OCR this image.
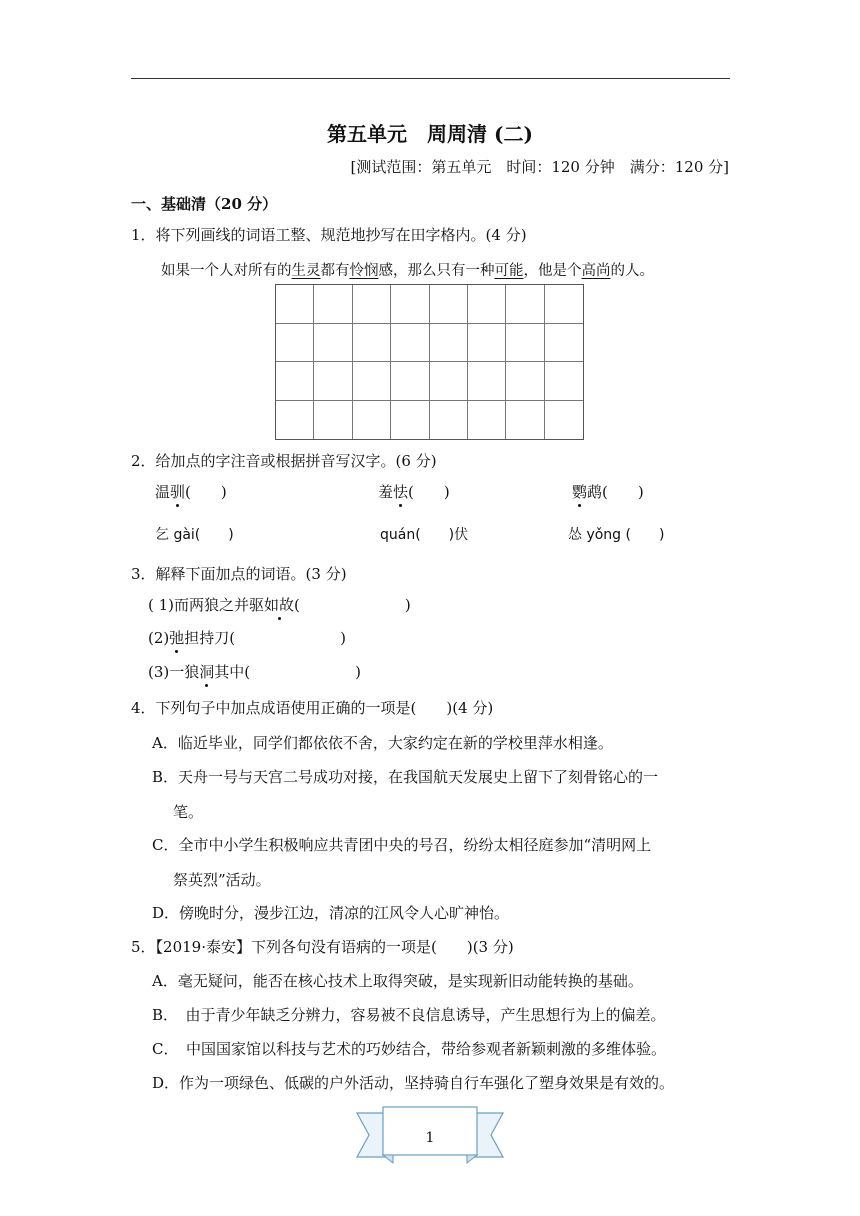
第五单元　周周清 (二)
[测试范围：第五单元　时间：120 分钟　满分：120 分]
一、基础清（20 分）
1．将下列画线的词语工整、规范地抄写在田字格内。(4 分)
如果一个人对所有的生灵都有怜悯感，那么只有一种可能，他是个高尚的人。
2．给加点的字注音或根据拼音写汉字。(6 分)
温驯(　　)	羞怯(　　)	鹦鹉(　　)
乞 gài(　　)	quán(　　)伏	怂 yǒng (　　)
3．解释下面加点的词语。(3 分)
( 1)而两狼之并驱如故(　　　　　　　)
(2)弛担持刀(　　　　　　　)
(3)一狼洞其中(　　　　　　　)
4．下列句子中加点成语使用正确的一项是(　　)(4 分)
A．临近毕业，同学们都依依不舍，大家约定在新的学校里萍水相逢。
B．天舟一号与天宫二号成功对接，在我国航天发展史上留下了刻骨铭心的一
笔。
C．全市中小学生积极响应共青团中央的号召，纷纷太相径庭参加“清明网上
祭英烈”活动。
D．傍晚时分，漫步江边，清凉的江风令人心旷神怡。
5．【2019·泰安】下列各句没有语病的一项是(　　)(3 分)
A．毫无疑问，能否在核心技术上取得突破，是实现新旧动能转换的基础。
B．　由于青少年缺乏分辨力，容易被不良信息诱导，产生思想行为上的偏差。
C．　中国国家馆以科技与艺术的巧妙结合，带给参观者新颖刺激的多维体验。
D．作为一项绿色、低碳的户外活动，坚持骑自行车强化了塑身效果是有效的。
1
